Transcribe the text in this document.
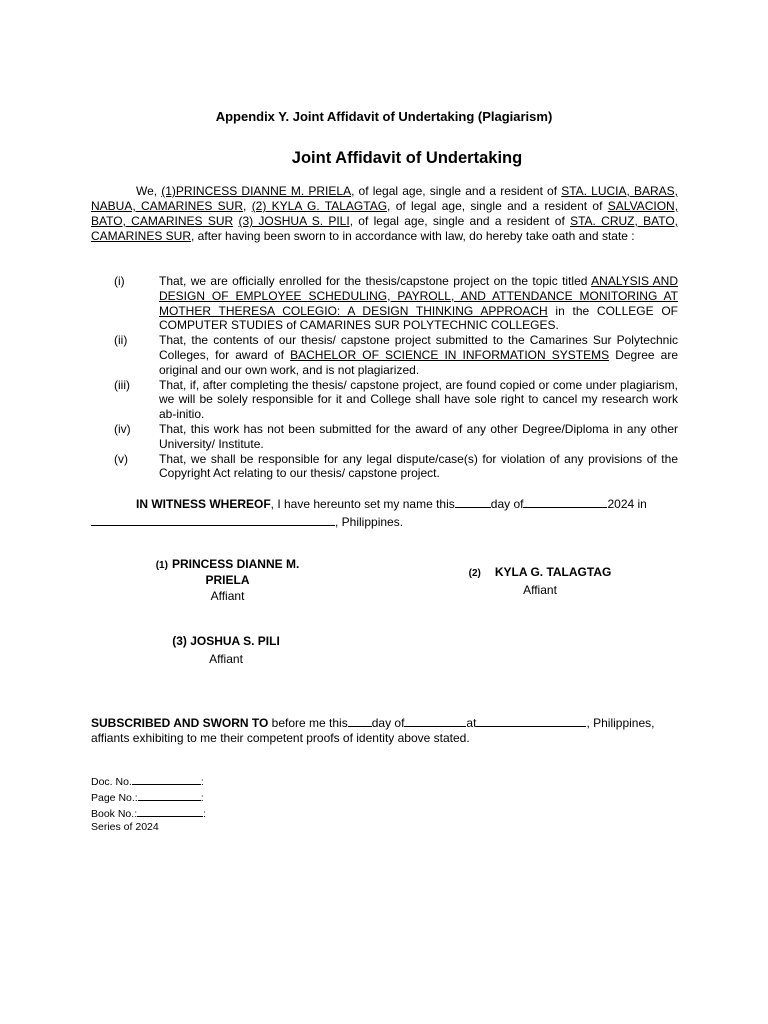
Appendix Y. Joint Affidavit of Undertaking (Plagiarism)
Joint Affidavit of Undertaking
We, (1)PRINCESS DIANNE M. PRIELA, of legal age, single and a resident of STA. LUCIA, BARAS, NABUA, CAMARINES SUR, (2) KYLA G. TALAGTAG, of legal age, single and a resident of SALVACION, BATO, CAMARINES SUR (3) JOSHUA S. PILI, of legal age, single and a resident of STA. CRUZ, BATO, CAMARINES SUR, after having been sworn to in accordance with law, do hereby take oath and state :
(i)	That, we are officially enrolled for the thesis/capstone project on the topic titled ANALYSIS AND DESIGN OF EMPLOYEE SCHEDULING, PAYROLL, AND ATTENDANCE MONITORING AT MOTHER THERESA COLEGIO: A DESIGN THINKING APPROACH in the COLLEGE OF COMPUTER STUDIES of CAMARINES SUR POLYTECHNIC COLLEGES.
(ii)	That, the contents of our thesis/ capstone project submitted to the Camarines Sur Polytechnic Colleges, for award of BACHELOR OF SCIENCE IN INFORMATION SYSTEMS Degree are original and our own work, and is not plagiarized.
(iii) That, if, after completing the thesis/ capstone project, are found copied or come under plagiarism, we will be solely responsible for it and College shall have sole right to cancel my research work ab-initio.
(iv) That, this work has not been submitted for the award of any other Degree/Diploma in any other University/ Institute.
(v)	That, we shall be responsible for any legal dispute/case(s) for violation of any provisions of the Copyright Act relating to our thesis/ capstone project.
IN WITNESS WHEREOF, I have hereunto set my name this	day of	2024 in
, Philippines.
(1) PRINCESS DIANNE M. PRIELA
Affiant
(2) KYLA G. TALAGTAG
Affiant
(3) JOSHUA S. PILI
Affiant
SUBSCRIBED AND SWORN TO before me this day of	at	, Philippines, affiants exhibiting to me their competent proofs of identity above stated.
Doc. No.	:
Page No.:	:
Book No.:	:
Series of 2024
